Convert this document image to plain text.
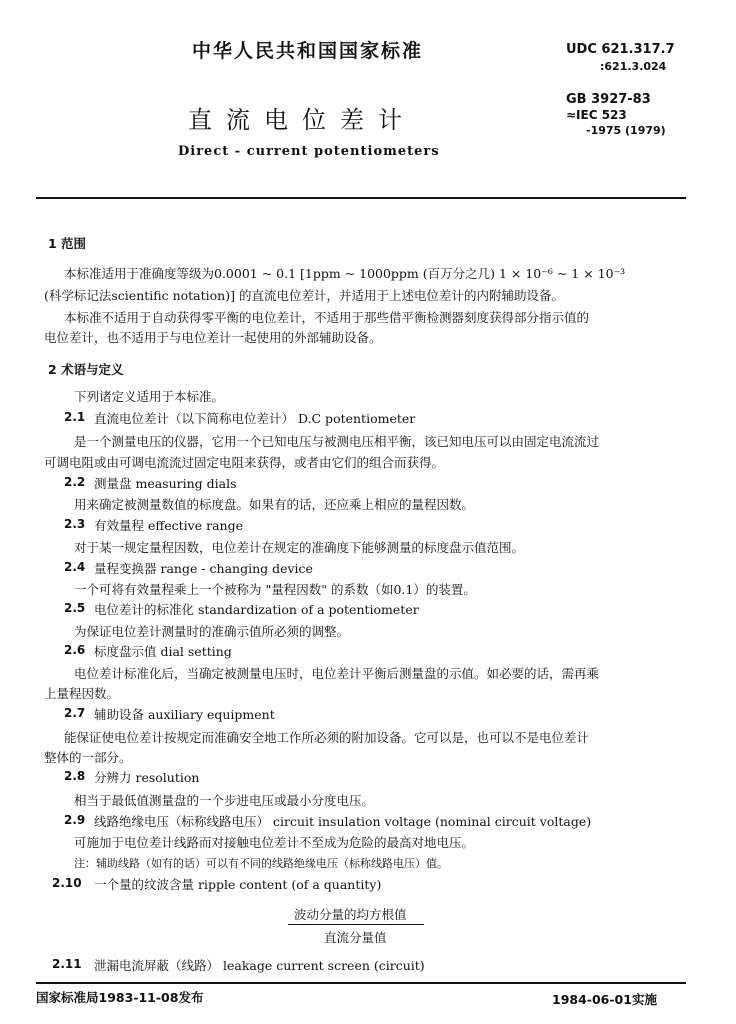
中华人民共和国国家标准
直流电位差计
Direct - current potentiometers
UDC 621.317.7
:621.3.024
GB 3927-83
≈IEC 523
-1975 (1979)
1 范围
本标准适用于准确度等级为0.0001 ~ 0.1 [1ppm ~ 1000ppm (百万分之几) 1 × 10⁻⁶ ~ 1 × 10⁻³
(科学标记法scientific notation)] 的直流电位差计，并适用于上述电位差计的内附辅助设备。
本标准不适用于自动获得零平衡的电位差计，不适用于那些借平衡检测器刻度获得部分指示值的
电位差计，也不适用于与电位差计一起使用的外部辅助设备。
2 术语与定义
下列诸定义适用于本标准。
2.1 直流电位差计（以下简称电位差计） D.C potentiometer
是一个测量电压的仪器，它用一个已知电压与被测电压相平衡，该已知电压可以由固定电流流过
可调电阻或由可调电流流过固定电阻来获得，或者由它们的组合而获得。
2.2 测量盘 measuring dials
用来确定被测量数值的标度盘。如果有的话，还应乘上相应的量程因数。
2.3 有效量程 effective range
对于某一规定量程因数，电位差计在规定的准确度下能够测量的标度盘示值范围。
2.4 量程变换器 range - changing device
一个可将有效量程乘上一个被称为 "量程因数" 的系数（如0.1）的装置。
2.5 电位差计的标准化 standardization of a potentiometer
为保证电位差计测量时的准确示值所必须的调整。
2.6 标度盘示值 dial setting
电位差计标准化后，当确定被测量电压时，电位差计平衡后测量盘的示值。如必要的话，需再乘
上量程因数。
2.7 辅助设备 auxiliary equipment
能保证使电位差计按规定而准确安全地工作所必须的附加设备。它可以是，也可以不是电位差计
整体的一部分。
2.8 分辨力 resolution
相当于最低值测量盘的一个步进电压或最小分度电压。
2.9 线路绝缘电压（标称线路电压） circuit insulation voltage (nominal circuit voltage)
可施加于电位差计线路而对接触电位差计不至成为危险的最高对地电压。
注：辅助线路（如有的话）可以有不同的线路绝缘电压（标称线路电压）值。
2.10 一个量的纹波含量 ripple content (of a quantity)
波动分量的均方根值
直流分量值
2.11 泄漏电流屏蔽（线路） leakage current screen (circuit)
国家标准局1983-11-08发布	1984-06-01实施
